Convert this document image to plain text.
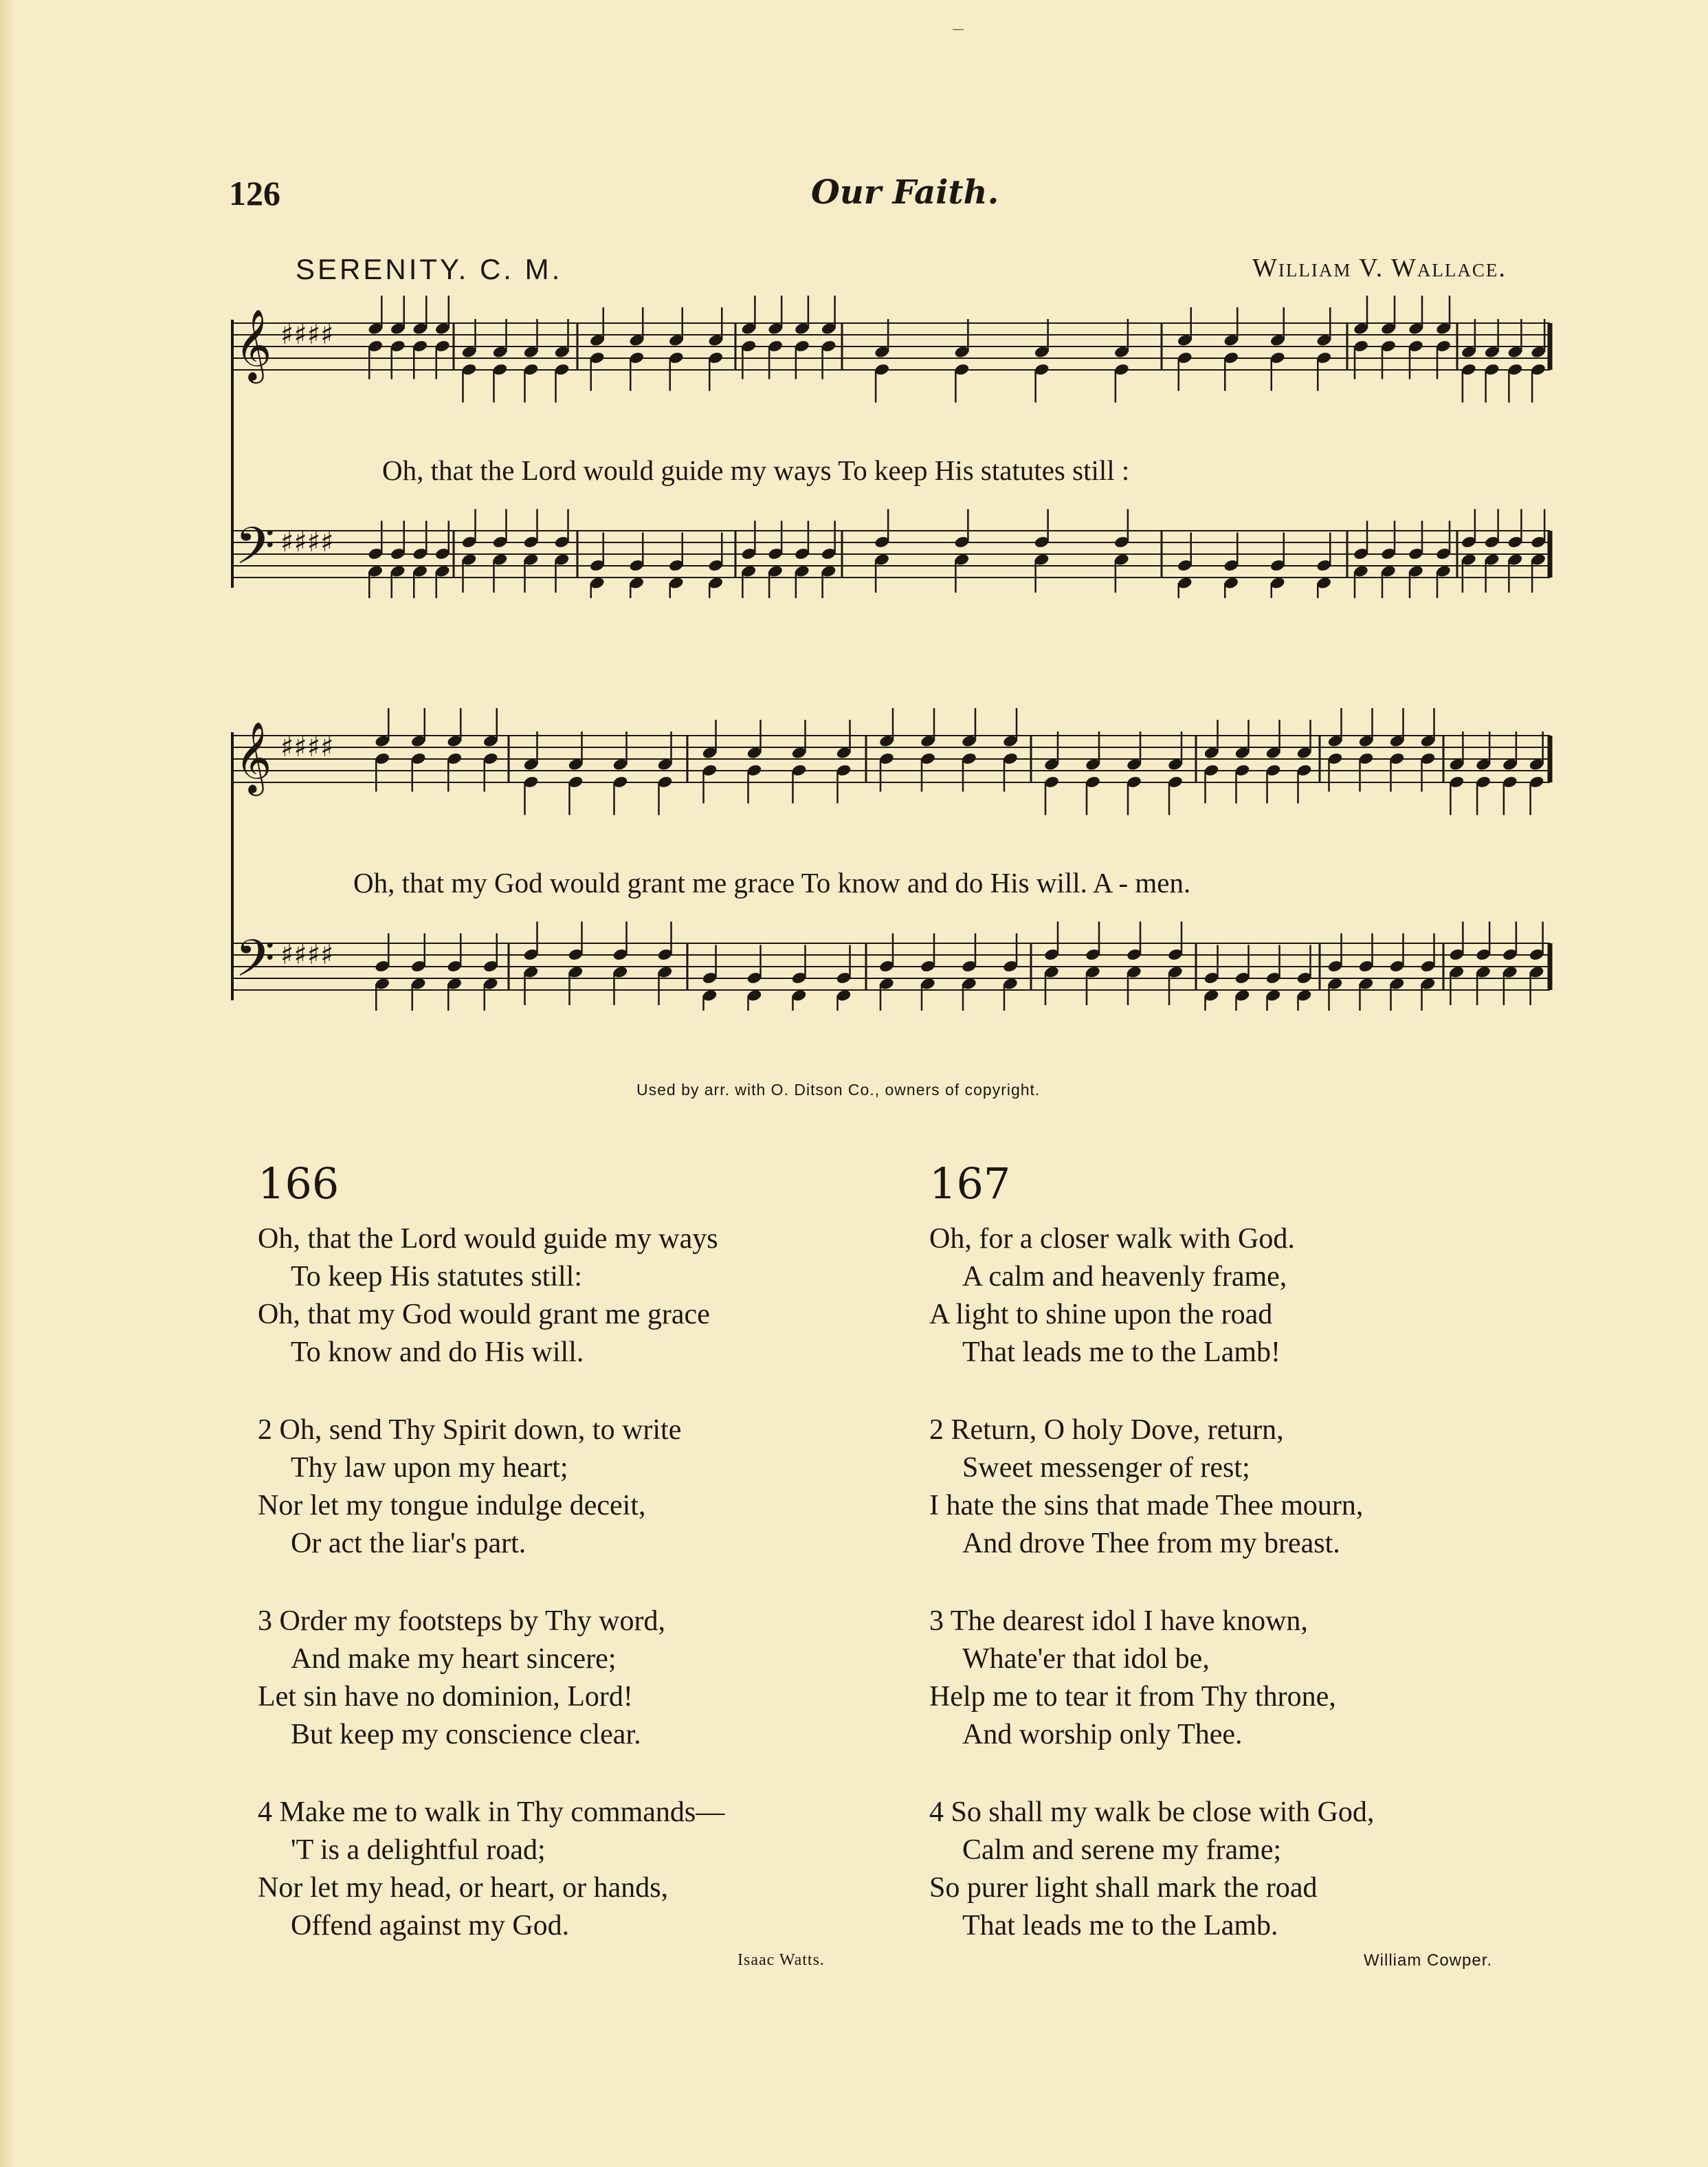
126	Our Faith.
SERENITY. C. M.	William V. Wallace.
𝄞 ♯♯♯♯
𝄢 ♯♯♯♯
Oh, that the Lord would guide my ways To keep His statutes still :
𝄞 ♯♯♯♯
𝄢 ♯♯♯♯
Oh, that my God would grant me grace To know and do His will. A - men.
Used by arr. with O. Ditson Co., owners of copyright.
166
Oh, that the Lord would guide my ways
To keep His statutes still:
Oh, that my God would grant me grace
To know and do His will.
2 Oh, send Thy Spirit down, to write
Thy law upon my heart;
Nor let my tongue indulge deceit,
Or act the liar's part.
3 Order my footsteps by Thy word,
And make my heart sincere;
Let sin have no dominion, Lord!
But keep my conscience clear.
4 Make me to walk in Thy commands—
'T is a delightful road;
Nor let my head, or heart, or hands,
Offend against my God.
Isaac Watts.
167
Oh, for a closer walk with God.
A calm and heavenly frame,
A light to shine upon the road
That leads me to the Lamb!
2 Return, O holy Dove, return,
Sweet messenger of rest;
I hate the sins that made Thee mourn,
And drove Thee from my breast.
3 The dearest idol I have known,
Whate'er that idol be,
Help me to tear it from Thy throne,
And worship only Thee.
4 So shall my walk be close with God,
Calm and serene my frame;
So purer light shall mark the road
That leads me to the Lamb.
William Cowper.
